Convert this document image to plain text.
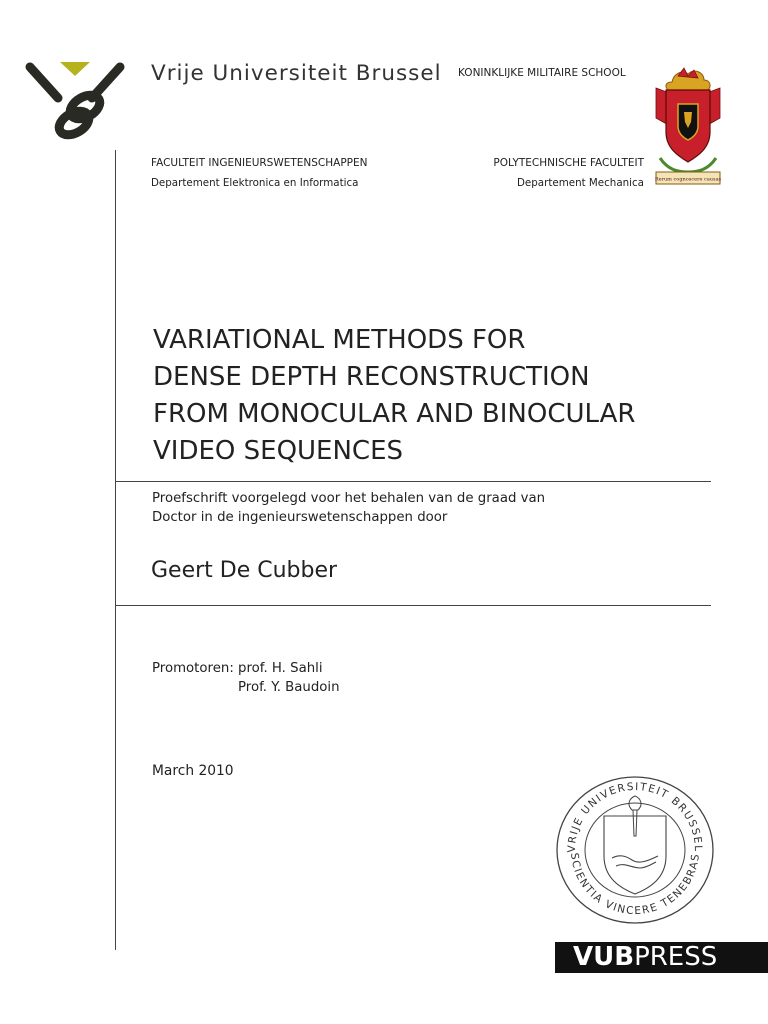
Vrije Universiteit Brussel KONINKLIJKE MILITAIRE SCHOOL
Rerum cognoscere causas
FACULTEIT INGENIEURSWETENSCHAPPEN
Departement Elektronica en Informatica
POLYTECHNISCHE FACULTEIT
Departement Mechanica
VARIATIONAL METHODS FOR
DENSE DEPTH RECONSTRUCTION
FROM MONOCULAR AND BINOCULAR
VIDEO SEQUENCES
Proefschrift voorgelegd voor het behalen van de graad van
Doctor in de ingenieurswetenschappen door
Geert De Cubber
Promotoren: prof. H. Sahli
Prof. Y. Baudoin
March 2010
VRIJE UNIVERSITEIT BRUSSEL
SCIENTIA VINCERE TENEBRAS
VUBPRESS
